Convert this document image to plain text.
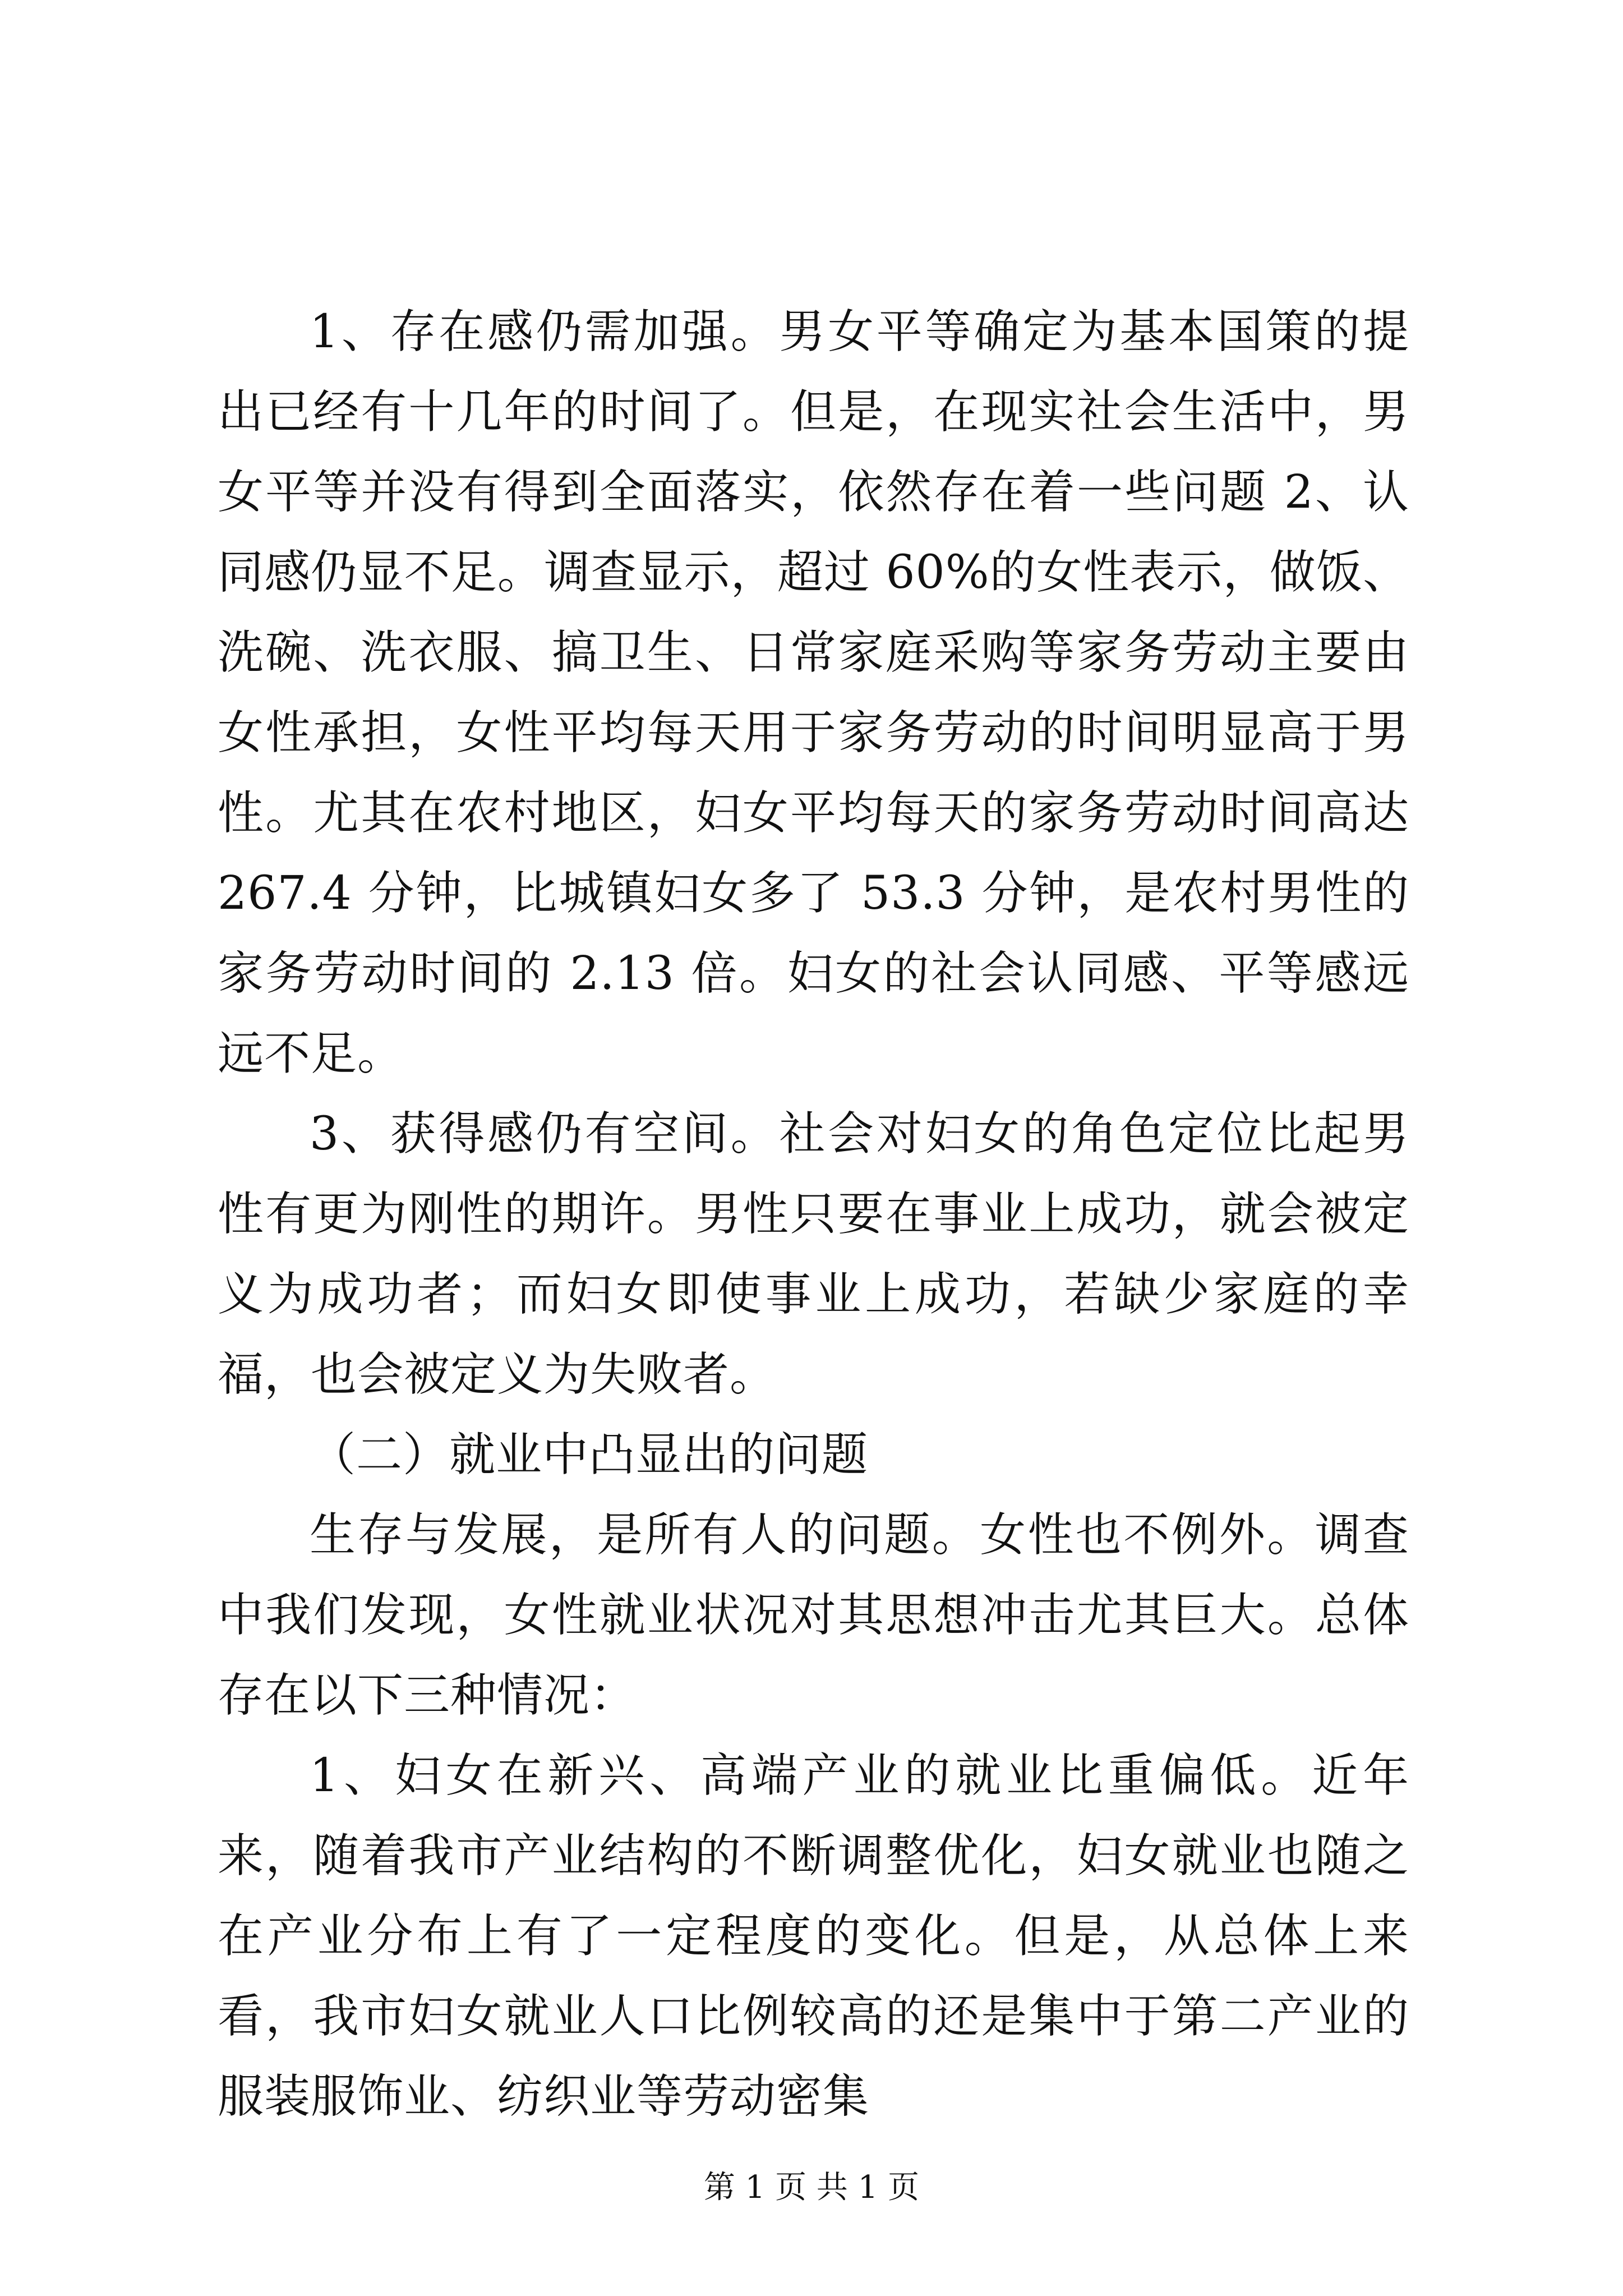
1、存在感仍需加强。男女平等确定为基本国策的提出已经有十几年的时间了。但是，在现实社会生活中，男女平等并没有得到全面落实，依然存在着一些问题 2、认同感仍显不足。调查显示，超过 60%的女性表示，做饭、洗碗、洗衣服、搞卫生、日常家庭采购等家务劳动主要由女性承担，女性平均每天用于家务劳动的时间明显高于男性。尤其在农村地区，妇女平均每天的家务劳动时间高达 267.4 分钟，比城镇妇女多了 53.3 分钟，是农村男性的家务劳动时间的 2.13 倍。妇女的社会认同感、平等感远远不足。

3、获得感仍有空间。社会对妇女的角色定位比起男性有更为刚性的期许。男性只要在事业上成功，就会被定义为成功者；而妇女即使事业上成功，若缺少家庭的幸福，也会被定义为失败者。

（二）就业中凸显出的问题

生存与发展，是所有人的问题。女性也不例外。调查中我们发现，女性就业状况对其思想冲击尤其巨大。总体存在以下三种情况：

1、妇女在新兴、高端产业的就业比重偏低。近年来，随着我市产业结构的不断调整优化，妇女就业也随之在产业分布上有了一定程度的变化。但是，从总体上来看，我市妇女就业人口比例较高的还是集中于第二产业的服装服饰业、纺织业等劳动密集

第 1 页 共 1 页
